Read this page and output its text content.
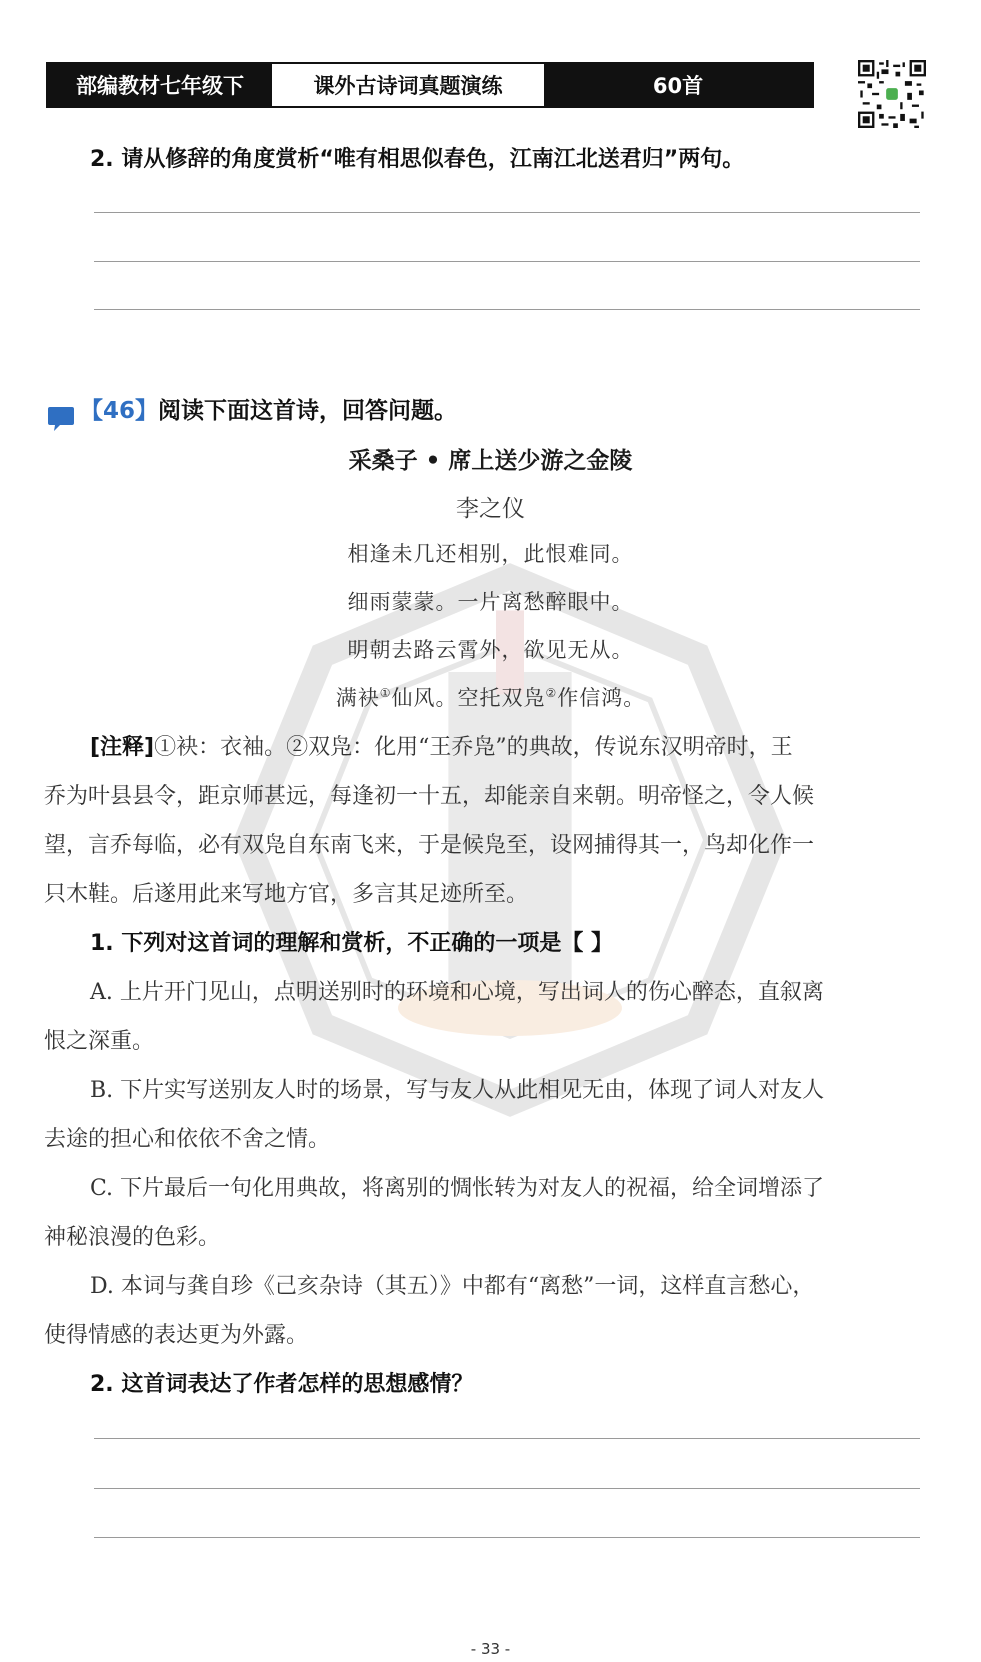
部编教材七年级下	课外古诗词真题演练	60首
2. 请从修辞的角度赏析“唯有相思似春色，江南江北送君归”两句。
【46】阅读下面这首诗，回答问题。
采桑子 • 席上送少游之金陵
李之仪
相逢未几还相别，此恨难同。
细雨蒙蒙。一片离愁醉眼中。
明朝去路云霄外，欲见无从。
满袂①仙风。空托双凫②作信鸿。
[注释]①袂：衣袖。②双凫：化用“王乔凫”的典故，传说东汉明帝时，王
乔为叶县县令，距京师甚远，每逢初一十五，却能亲自来朝。明帝怪之，令人候
望，言乔每临，必有双凫自东南飞来，于是候凫至，设网捕得其一，鸟却化作一
只木鞋。后遂用此来写地方官，多言其足迹所至。
1. 下列对这首词的理解和赏析，不正确的一项是【 】
A. 上片开门见山，点明送别时的环境和心境，写出词人的伤心醉态，直叙离
恨之深重。
B. 下片实写送别友人时的场景，写与友人从此相见无由，体现了词人对友人
去途的担心和依依不舍之情。
C. 下片最后一句化用典故，将离别的惆怅转为对友人的祝福，给全词增添了
神秘浪漫的色彩。
D. 本词与龚自珍《己亥杂诗（其五）》中都有“离愁”一词，这样直言愁心，
使得情感的表达更为外露。
2. 这首词表达了作者怎样的思想感情？
- 33 -
